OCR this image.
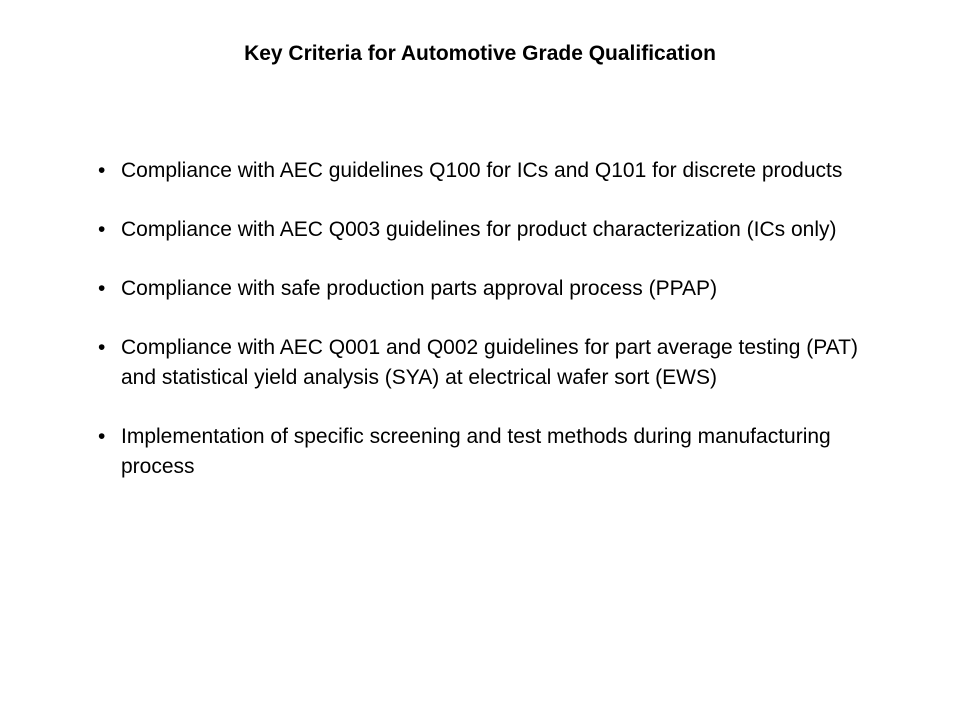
Key Criteria for Automotive Grade Qualification
• Compliance with AEC guidelines Q100 for ICs and Q101 for discrete products
• Compliance with AEC Q003 guidelines for product characterization (ICs only)
• Compliance with safe production parts approval process (PPAP)
• Compliance with AEC Q001 and Q002 guidelines for part average testing (PAT) and statistical yield analysis (SYA) at electrical wafer sort (EWS)
• Implementation of specific screening and test methods during manufacturing process
